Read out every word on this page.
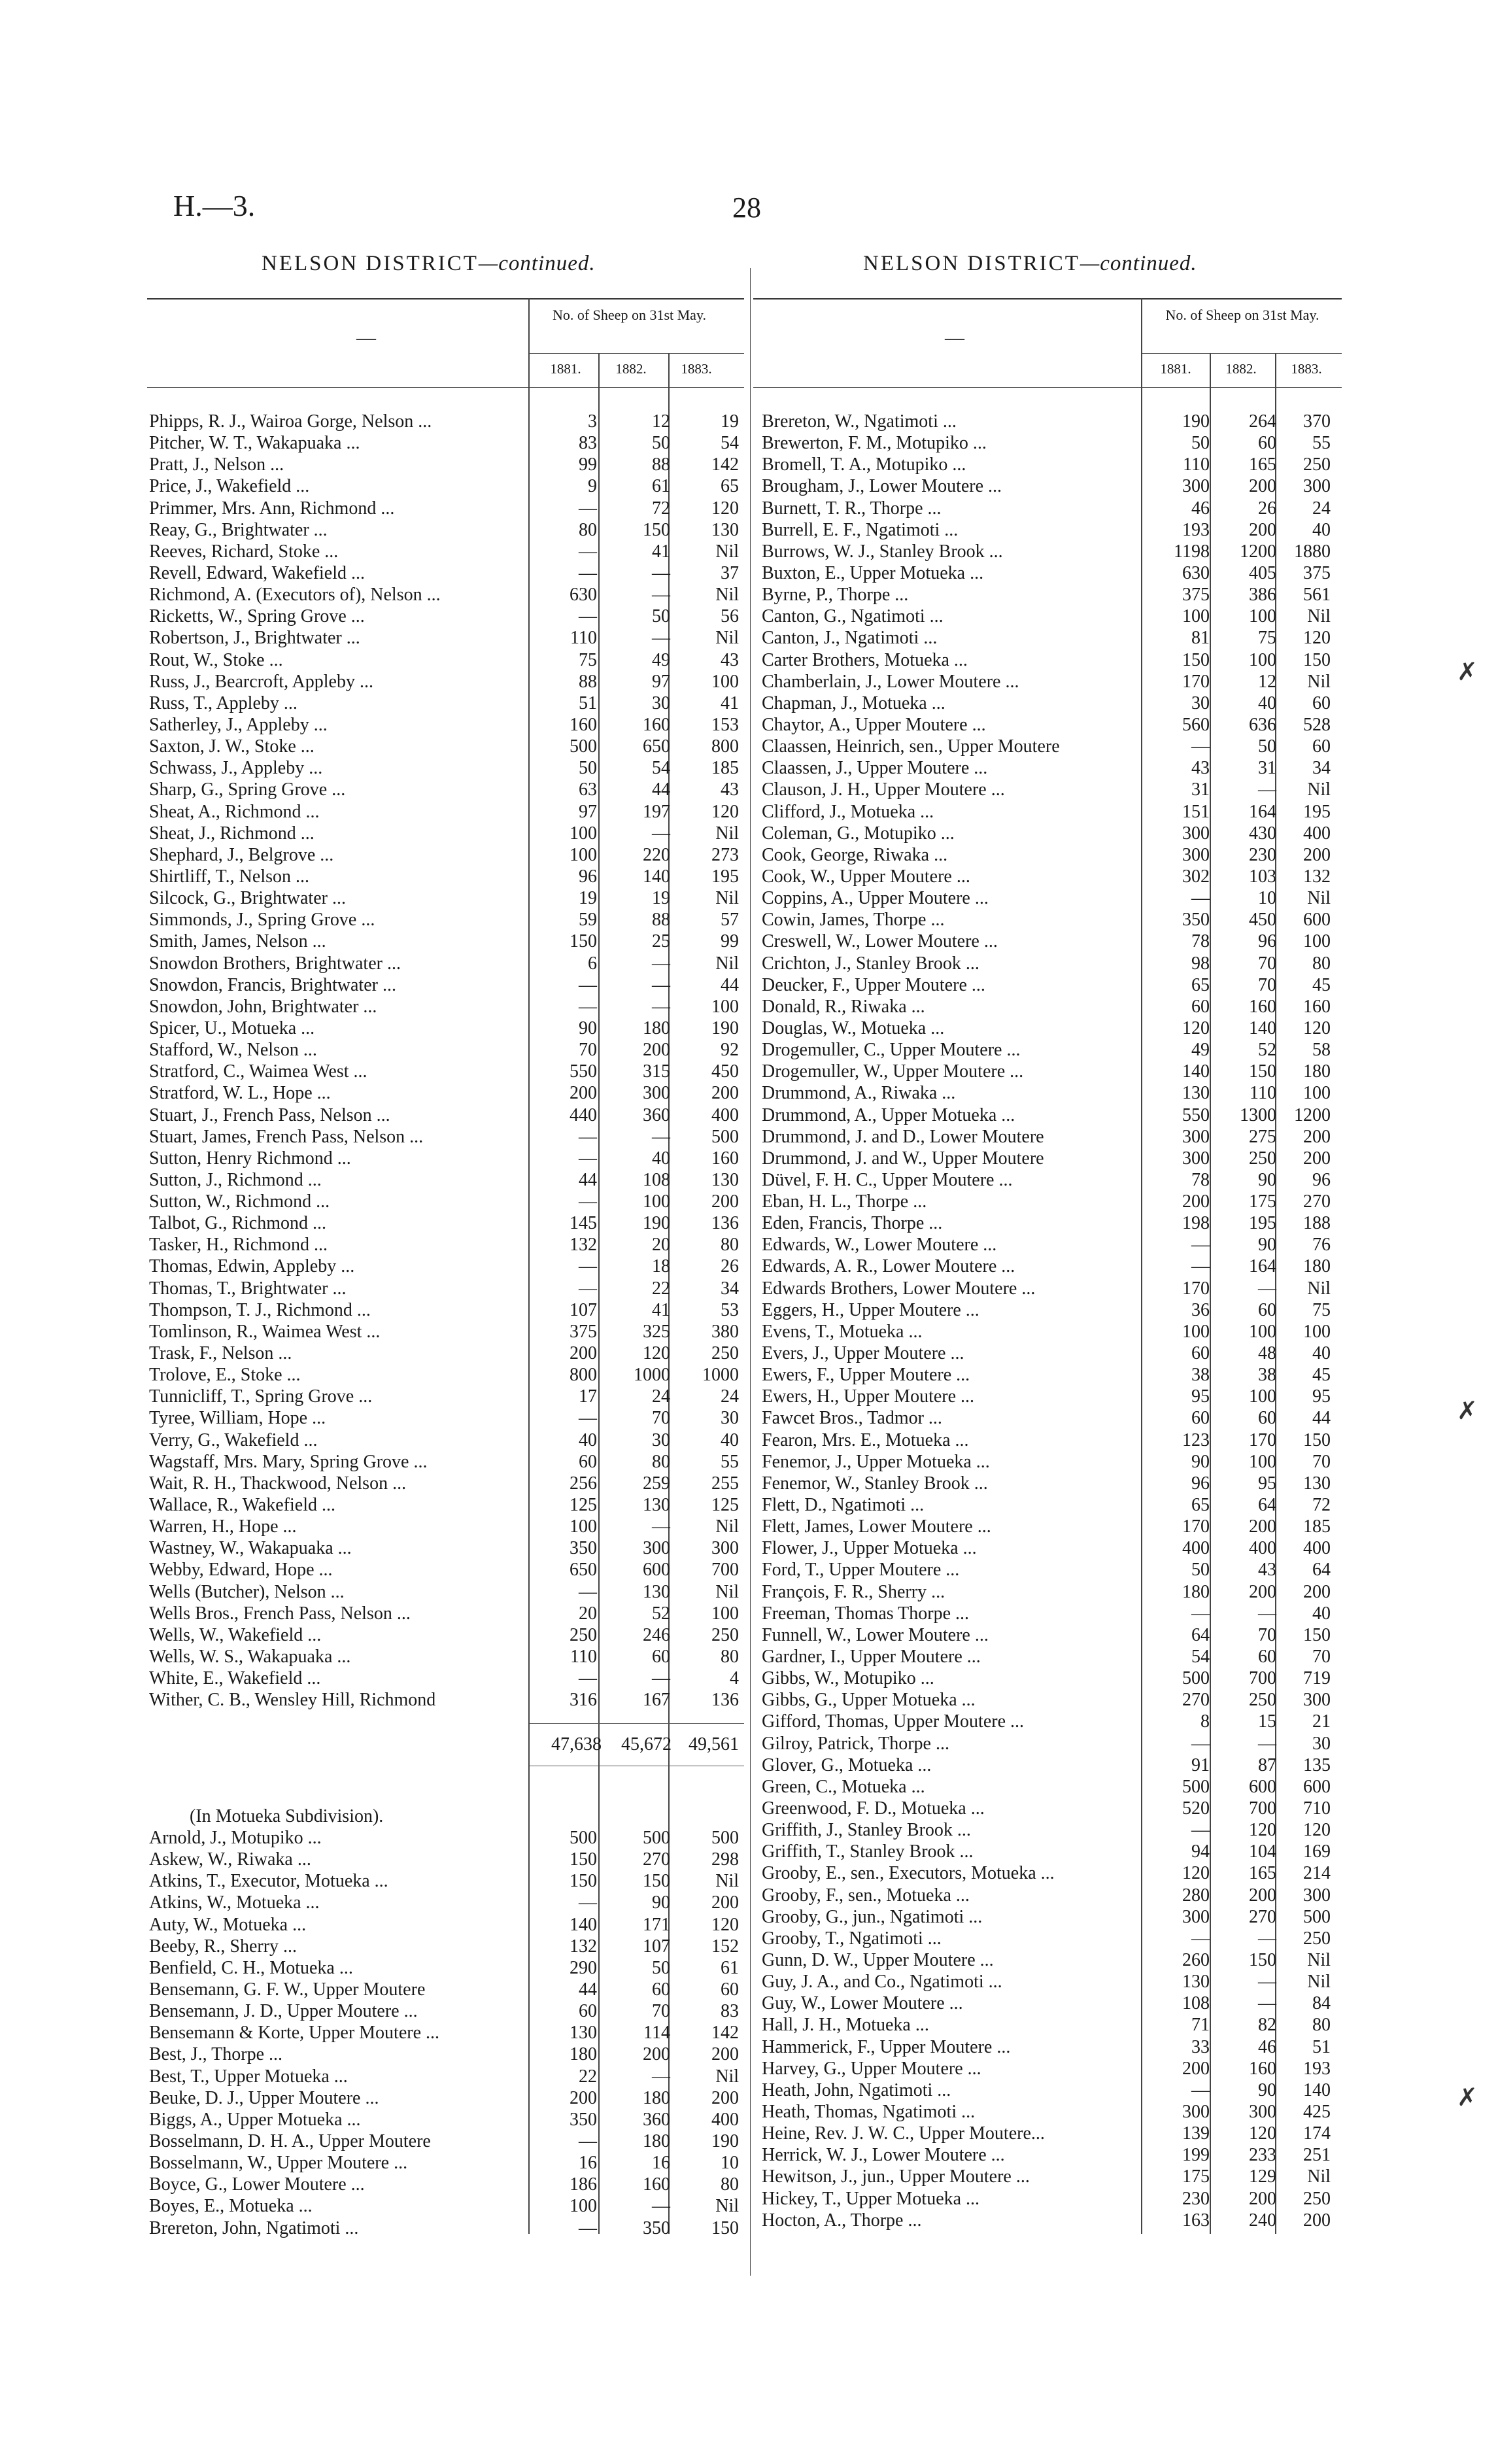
H.—3.	28
NELSON DISTRICT—continued.	NELSON DISTRICT—continued.
No. of Sheep on 31st May.
1881.	1882.	1883.
—
No. of Sheep on 31st May.
1881.	1882.	1883.
—
Phipps, R. J., Wairoa Gorge, Nelson ...	3	12	19
Pitcher, W. T., Wakapuaka ...	83	50	54
Pratt, J., Nelson ...	99	88	142
Price, J., Wakefield ...	9	61	65
Primmer, Mrs. Ann, Richmond ...	—	72	120
Reay, G., Brightwater ...	80	150	130
Reeves, Richard, Stoke ...	—	41	Nil
Revell, Edward, Wakefield ...	—	—	37
Richmond, A. (Executors of), Nelson ...	630	—	Nil
Ricketts, W., Spring Grove ...	—	50	56
Robertson, J., Brightwater ...	110	—	Nil
Rout, W., Stoke ...	75	49	43
Russ, J., Bearcroft, Appleby ...	88	97	100
Russ, T., Appleby ...	51	30	41
Satherley, J., Appleby ...	160	160	153
Saxton, J. W., Stoke ...	500	650	800
Schwass, J., Appleby ...	50	54	185
Sharp, G., Spring Grove ...	63	44	43
Sheat, A., Richmond ...	97	197	120
Sheat, J., Richmond ...	100	—	Nil
Shephard, J., Belgrove ...	100	220	273
Shirtliff, T., Nelson ...	96	140	195
Silcock, G., Brightwater ...	19	19	Nil
Simmonds, J., Spring Grove ...	59	88	57
Smith, James, Nelson ...	150	25	99
Snowdon Brothers, Brightwater ...	6	—	Nil
Snowdon, Francis, Brightwater ...	—	—	44
Snowdon, John, Brightwater ...	—	—	100
Spicer, U., Motueka ...	90	180	190
Stafford, W., Nelson ...	70	200	92
Stratford, C., Waimea West ...	550	315	450
Stratford, W. L., Hope ...	200	300	200
Stuart, J., French Pass, Nelson ...	440	360	400
Stuart, James, French Pass, Nelson ...	—	—	500
Sutton, Henry Richmond ...	—	40	160
Sutton, J., Richmond ...	44	108	130
Sutton, W., Richmond ...	—	100	200
Talbot, G., Richmond ...	145	190	136
Tasker, H., Richmond ...	132	20	80
Thomas, Edwin, Appleby ...	—	18	26
Thomas, T., Brightwater ...	—	22	34
Thompson, T. J., Richmond ...	107	41	53
Tomlinson, R., Waimea West ...	375	325	380
Trask, F., Nelson ...	200	120	250
Trolove, E., Stoke ...	800	1000	1000
Tunnicliff, T., Spring Grove ...	17	24	24
Tyree, William, Hope ...	—	70	30
Verry, G., Wakefield ...	40	30	40
Wagstaff, Mrs. Mary, Spring Grove ...	60	80	55
Wait, R. H., Thackwood, Nelson ...	256	259	255
Wallace, R., Wakefield ...	125	130	125
Warren, H., Hope ...	100	—	Nil
Wastney, W., Wakapuaka ...	350	300	300
Webby, Edward, Hope ...	650	600	700
Wells (Butcher), Nelson ...	—	130	Nil
Wells Bros., French Pass, Nelson ...	20	52	100
Wells, W., Wakefield ...	250	246	250
Wells, W. S., Wakapuaka ...	110	60	80
White, E., Wakefield ...	—	—	4
Wither, C. B., Wensley Hill, Richmond	316	167	136
47,638	45,672 49,561
(In Motueka Subdivision).
Arnold, J., Motupiko ...	500	500	500
Askew, W., Riwaka ...	150	270	298
Atkins, T., Executor, Motueka ...	150	150	Nil
Atkins, W., Motueka ...	—	90	200
Auty, W., Motueka ...	140	171	120
Beeby, R., Sherry ...	132	107	152
Benfield, C. H., Motueka ...	290	50	61
Bensemann, G. F. W., Upper Moutere	44	60	60
Bensemann, J. D., Upper Moutere ...	60	70	83
Bensemann & Korte, Upper Moutere ...	130	114	142
Best, J., Thorpe ...	180	200	200
Best, T., Upper Motueka ...	22	—	Nil
Beuke, D. J., Upper Moutere ...	200	180	200
Biggs, A., Upper Motueka ...	350	360	400
Bosselmann, D. H. A., Upper Moutere	—	180	190
Bosselmann, W., Upper Moutere ...	16	16	10
Boyce, G., Lower Moutere ...	186	160	80
Boyes, E., Motueka ...	100	—	Nil
Brereton, John, Ngatimoti ...	—	350	150
Brereton, W., Ngatimoti ...	190	264	370
Brewerton, F. M., Motupiko ...	50	60	55
Bromell, T. A., Motupiko ...	110	165	250
Brougham, J., Lower Moutere ...	300	200	300
Burnett, T. R., Thorpe ...	46	26	24
Burrell, E. F., Ngatimoti ...	193	200	40
Burrows, W. J., Stanley Brook ...	1198	1200 1880
Buxton, E., Upper Motueka ...	630	405	375
Byrne, P., Thorpe ...	375	386	561
Canton, G., Ngatimoti ...	100	100	Nil
Canton, J., Ngatimoti ...	81	75	120
Carter Brothers, Motueka ...	150	100	150
Chamberlain, J., Lower Moutere ...	170	12	Nil
Chapman, J., Motueka ...	30	40	60
Chaytor, A., Upper Moutere ...	560	636	528
Claassen, Heinrich, sen., Upper Moutere	—	50	60
Claassen, J., Upper Moutere ...	43	31	34
Clauson, J. H., Upper Moutere ...	31	—	Nil
Clifford, J., Motueka ...	151	164	195
Coleman, G., Motupiko ...	300	430	400
Cook, George, Riwaka ...	300	230	200
Cook, W., Upper Moutere ...	302	103	132
Coppins, A., Upper Moutere ...	—	10	Nil
Cowin, James, Thorpe ...	350	450	600
Creswell, W., Lower Moutere ...	78	96	100
Crichton, J., Stanley Brook ...	98	70	80
Deucker, F., Upper Moutere ...	65	70	45
Donald, R., Riwaka ...	60	160	160
Douglas, W., Motueka ...	120	140	120
Drogemuller, C., Upper Moutere ...	49	52	58
Drogemuller, W., Upper Moutere ...	140	150	180
Drummond, A., Riwaka ...	130	110	100
Drummond, A., Upper Motueka ...	550	1300 1200
Drummond, J. and D., Lower Moutere	300	275	200
Drummond, J. and W., Upper Moutere	300	250	200
Düvel, F. H. C., Upper Moutere ...	78	90	96
Eban, H. L., Thorpe ...	200	175	270
Eden, Francis, Thorpe ...	198	195	188
Edwards, W., Lower Moutere ...	—	90	76
Edwards, A. R., Lower Moutere ...	—	164	180
Edwards Brothers, Lower Moutere ...	170	—	Nil
Eggers, H., Upper Moutere ...	36	60	75
Evens, T., Motueka ...	100	100	100
Evers, J., Upper Moutere ...	60	48	40
Ewers, F., Upper Moutere ...	38	38	45
Ewers, H., Upper Moutere ...	95	100	95
Fawcet Bros., Tadmor ...	60	60	44
Fearon, Mrs. E., Motueka ...	123	170	150
Fenemor, J., Upper Motueka ...	90	100	70
Fenemor, W., Stanley Brook ...	96	95	130
Flett, D., Ngatimoti ...	65	64	72
Flett, James, Lower Moutere ...	170	200	185
Flower, J., Upper Motueka ...	400	400	400
Ford, T., Upper Moutere ...	50	43	64
François, F. R., Sherry ...	180	200	200
Freeman, Thomas Thorpe ...	—	—	40
Funnell, W., Lower Moutere ...	64	70	150
Gardner, I., Upper Moutere ...	54	60	70
Gibbs, W., Motupiko ...	500	700	719
Gibbs, G., Upper Motueka ...	270	250	300
Gifford, Thomas, Upper Moutere ...	8	15	21
Gilroy, Patrick, Thorpe ...	—	—	30
Glover, G., Motueka ...	91	87	135
Green, C., Motueka ...	500	600	600
Greenwood, F. D., Motueka ...	520	700	710
Griffith, J., Stanley Brook ...	—	120	120
Griffith, T., Stanley Brook ...	94	104	169
Grooby, E., sen., Executors, Motueka ...	120	165	214
Grooby, F., sen., Motueka ...	280	200	300
Grooby, G., jun., Ngatimoti ...	300	270	500
Grooby, T., Ngatimoti ...	—	—	250
Gunn, D. W., Upper Moutere ...	260	150	Nil
Guy, J. A., and Co., Ngatimoti ...	130	—	Nil
Guy, W., Lower Moutere ...	108	—	84
Hall, J. H., Motueka ...	71	82	80
Hammerick, F., Upper Moutere ...	33	46	51
Harvey, G., Upper Moutere ...	200	160	193
Heath, John, Ngatimoti ...	—	90	140
Heath, Thomas, Ngatimoti ...	300	300	425
Heine, Rev. J. W. C., Upper Moutere...	139	120	174
Herrick, W. J., Lower Moutere ...	199	233	251
Hewitson, J., jun., Upper Moutere ...	175	129	Nil
Hickey, T., Upper Motueka ...	230	200	250
Hocton, A., Thorpe ...	163	240	200
✗
✗
✗
